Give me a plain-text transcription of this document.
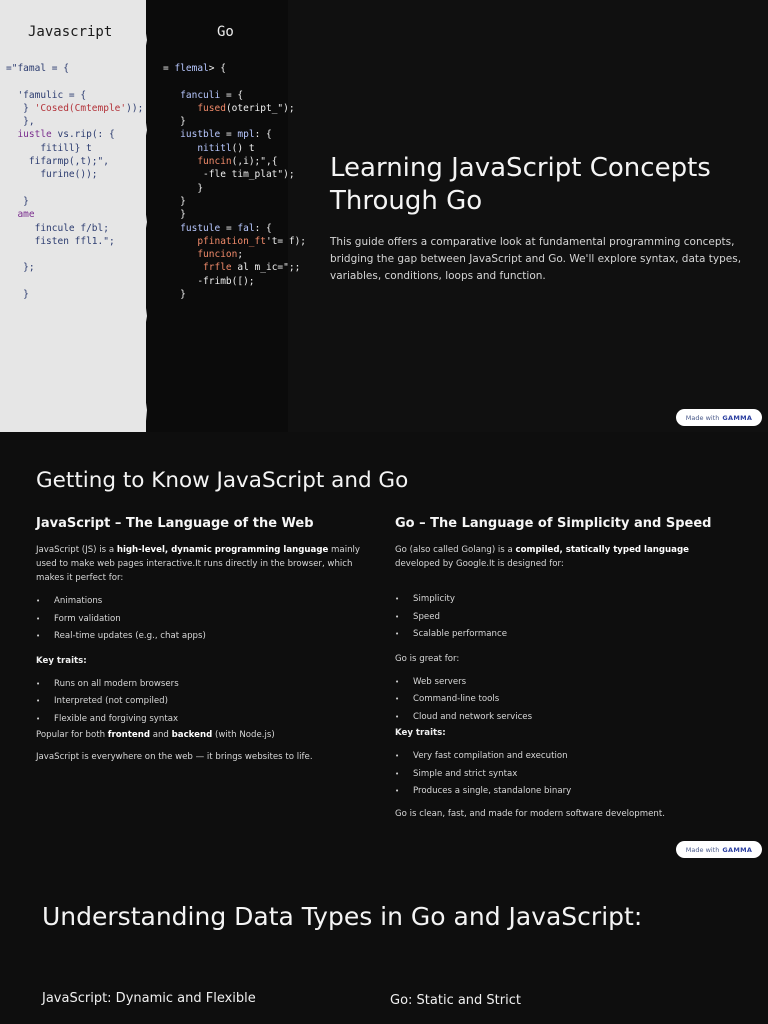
Javascript	Go
="famal = {

'famulic = {
} 'Cosed(Cmtemple'));
},
iustle vs.rip(: {
fitill} t
fifarmp(,t);",
furine());

}
ame
fincule f/bl;
fisten ffl1.";

};

}
= flemal> {

fanculi = {
fused(oteript_");
}
iustble = mpl: {
nititl() t
funcin(,i);",{
-fle tim_plat");
}
}
}
fustule = fal: {
pfination_ft't= f);
funcion;
frfle al m_ic=";;
-frimb([);
}
Learning JavaScript Concepts Through Go

This guide offers a comparative look at fundamental programming concepts, bridging the gap between JavaScript and Go. We'll explore syntax, data types, variables, conditions, loops and function.

Made with GAMMA
Getting to Know JavaScript and Go
JavaScript – The Language of the Web

JavaScript (JS) is a high-level, dynamic programming language mainly used to make web pages interactive.It runs directly in the browser, which makes it perfect for:

• Animations
• Form validation
• Real-time updates (e.g., chat apps)

Key traits:

• Runs on all modern browsers
• Interpreted (not compiled)
• Flexible and forgiving syntax

Popular for both frontend and backend (with Node.js)

JavaScript is everywhere on the web — it brings websites to life.

Go – The Language of Simplicity and Speed

Go (also called Golang) is a compiled, statically typed language developed by Google.It is designed for:

• Simplicity
• Speed
• Scalable performance

Go is great for:

• Web servers
• Command-line tools
• Cloud and network services

Key traits:

• Very fast compilation and execution
• Simple and strict syntax
• Produces a single, standalone binary

Go is clean, fast, and made for modern software development.

Made with GAMMA
Understanding Data Types in Go and JavaScript:
JavaScript: Dynamic and Flexible	Go: Static and Strict
